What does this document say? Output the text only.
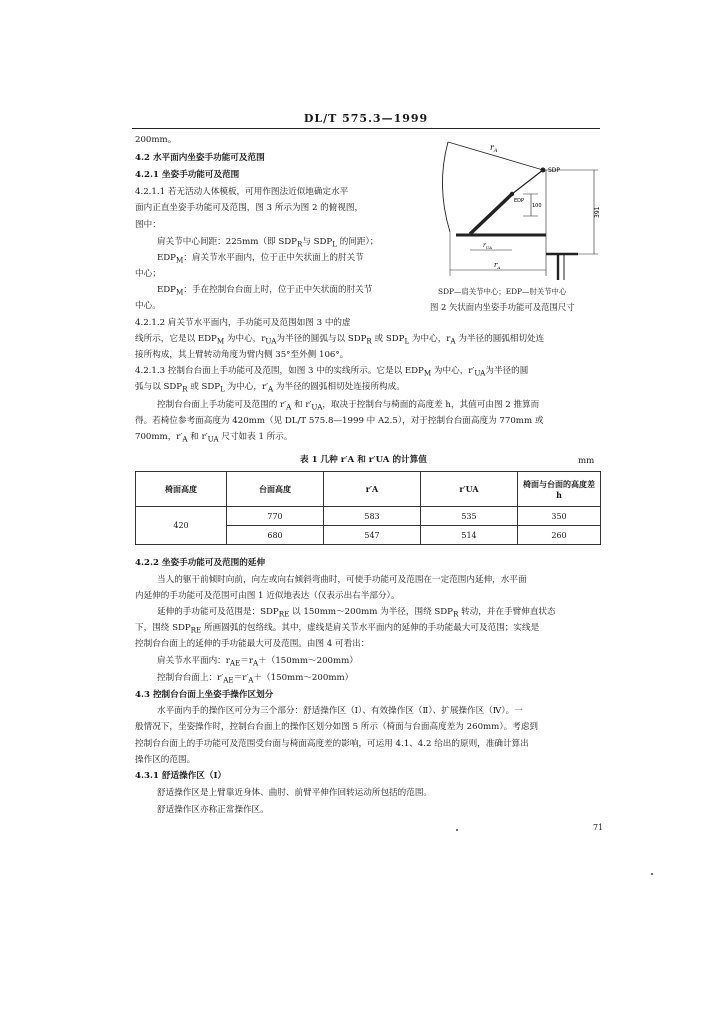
DL/T 575.3—1999
200mm。
4.2 水平面内坐姿手功能可及范围
4.2.1 坐姿手功能可及范围
4.2.1.1 若无活动人体模板，可用作图法近似地确定水平
面内正直坐姿手功能可及范围，图 3 所示为图 2 的俯视图，
图中：
肩关节中心间距：225mm（即 $SDP_R$与 $SDP_L$ 的间距）；
$EDP_M$：肩关节水平面内，位于正中矢状面上的肘关节
中心；
$EDP_M$：手在控制台台面上时，位于正中矢状面的肘关节
中心。
$r_A$
SDP
EDP
100
391
$r_{UA}$
$r_A$
SDP—肩关节中心；EDP—肘关节中心
图 2 矢状面内坐姿手功能可及范围尺寸
4.2.1.2 肩关节水平面内，手功能可及范围如图 3 中的虚
线所示，它是以 $EDP_M$ 为中心，$r_{UA}$为半径的圆弧与以 $SDP_R$ 或 $SDP_L$ 为中心，$r_A$ 为半径的圆弧相切处连
接所构成，其上臂转动角度为臂内侧 35°至外侧 106°。
4.2.1.3 控制台台面上手功能可及范围，如图 3 中的实线所示。它是以 $EDP_M$ 为中心，$r'_{UA}$为半径的圆
弧与以 $SDP_R$ 或 $SDP_L$ 为中心，$r'_A$ 为半径的圆弧相切处连接所构成。
控制台台面上手功能可及范围的 $r'_A$ 和 $r'_{UA}$，取决于控制台与椅面的高度差 h，其值可由图 2 推算而
得。若椅位参考面高度为 420mm（见 DL/T 575.8—1999 中 A2.5），对于控制台台面高度为 770mm 或
700mm，$r'_A$ 和 $r'_{UA}$ 尺寸如表 1 所示。
表 1 几种 r′A 和 r′UA 的计算值	mm
椅面高度	台面高度	r′A	r′UA	椅面与台面的高度差 h
420	770	583	535	350
	680	547	514	260
4.2.2 坐姿手功能可及范围的延伸
当人的躯干前倾时向前，向左或向右倾斜弯曲时，可使手功能可及范围在一定范围内延伸，水平面
内延伸的手功能可及范围可由图 1 近似地表达（仅表示出右半部分）。
延伸的手功能可及范围是：$SDP_{RE}$ 以 150mm～200mm 为半径，围绕 $SDP_R$ 转动，并在手臂伸直状态
下，围绕 $SDP_{RE}$ 所画圆弧的包络线。其中，虚线是肩关节水平面内的延伸的手功能最大可及范围；实线是
控制台台面上的延伸的手功能最大可及范围。由图 4 可看出：
肩关节水平面内：$r_{AE}=r_A+(150mm\sim 200mm)$
控制台台面上：$r'_{AE}=r'_A+(150mm\sim 200mm)$
4.3 控制台台面上坐姿手操作区划分
水平面内手的操作区可分为三个部分：舒适操作区（Ⅰ）、有效操作区（Ⅱ）、扩展操作区（Ⅳ）。一
般情况下，坐姿操作时，控制台台面上的操作区划分如图 5 所示（椅面与台面高度差为 260mm）。考虑到
控制台台面上的手功能可及范围受台面与椅面高度差的影响，可运用 4.1、4.2 给出的原则，准确计算出
操作区的范围。
4.3.1 舒适操作区（Ⅰ）
舒适操作区是上臂靠近身体、曲肘、前臂平伸作回转运动所包括的范围。
舒适操作区亦称正常操作区。
71
